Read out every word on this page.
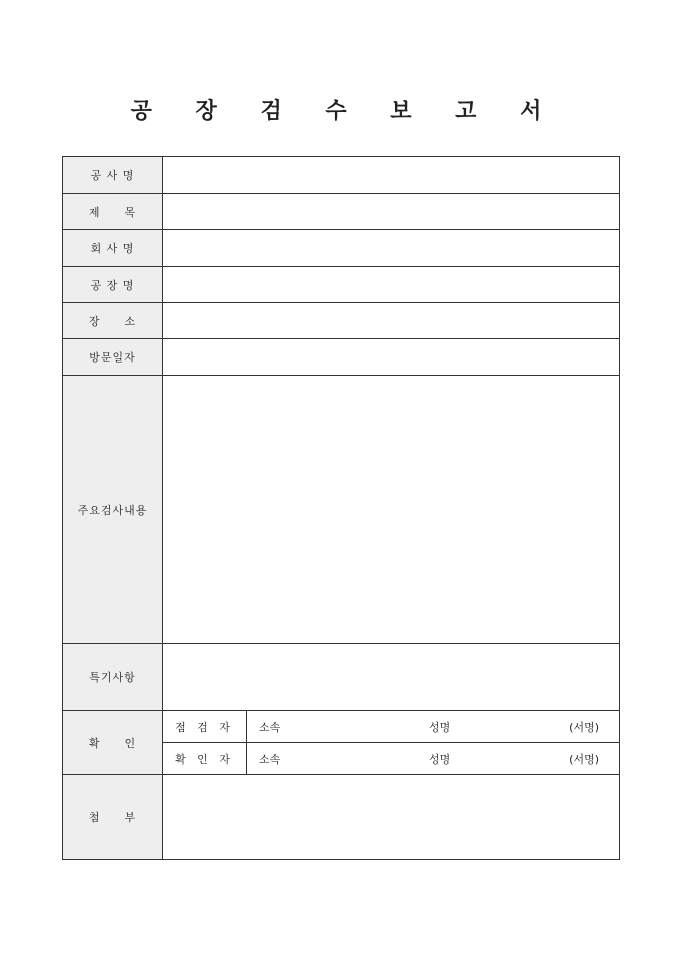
공 장 검 수 보 고 서
공 사 명		
제　　목		
회 사 명		
공 장 명		
장　　소		
방문일자		
주요검사내용		
특기사항		
확　　인	점 검 자	소속 성명 (서명)

	확 인 자	소속 성명 (서명)

첨　　부		
